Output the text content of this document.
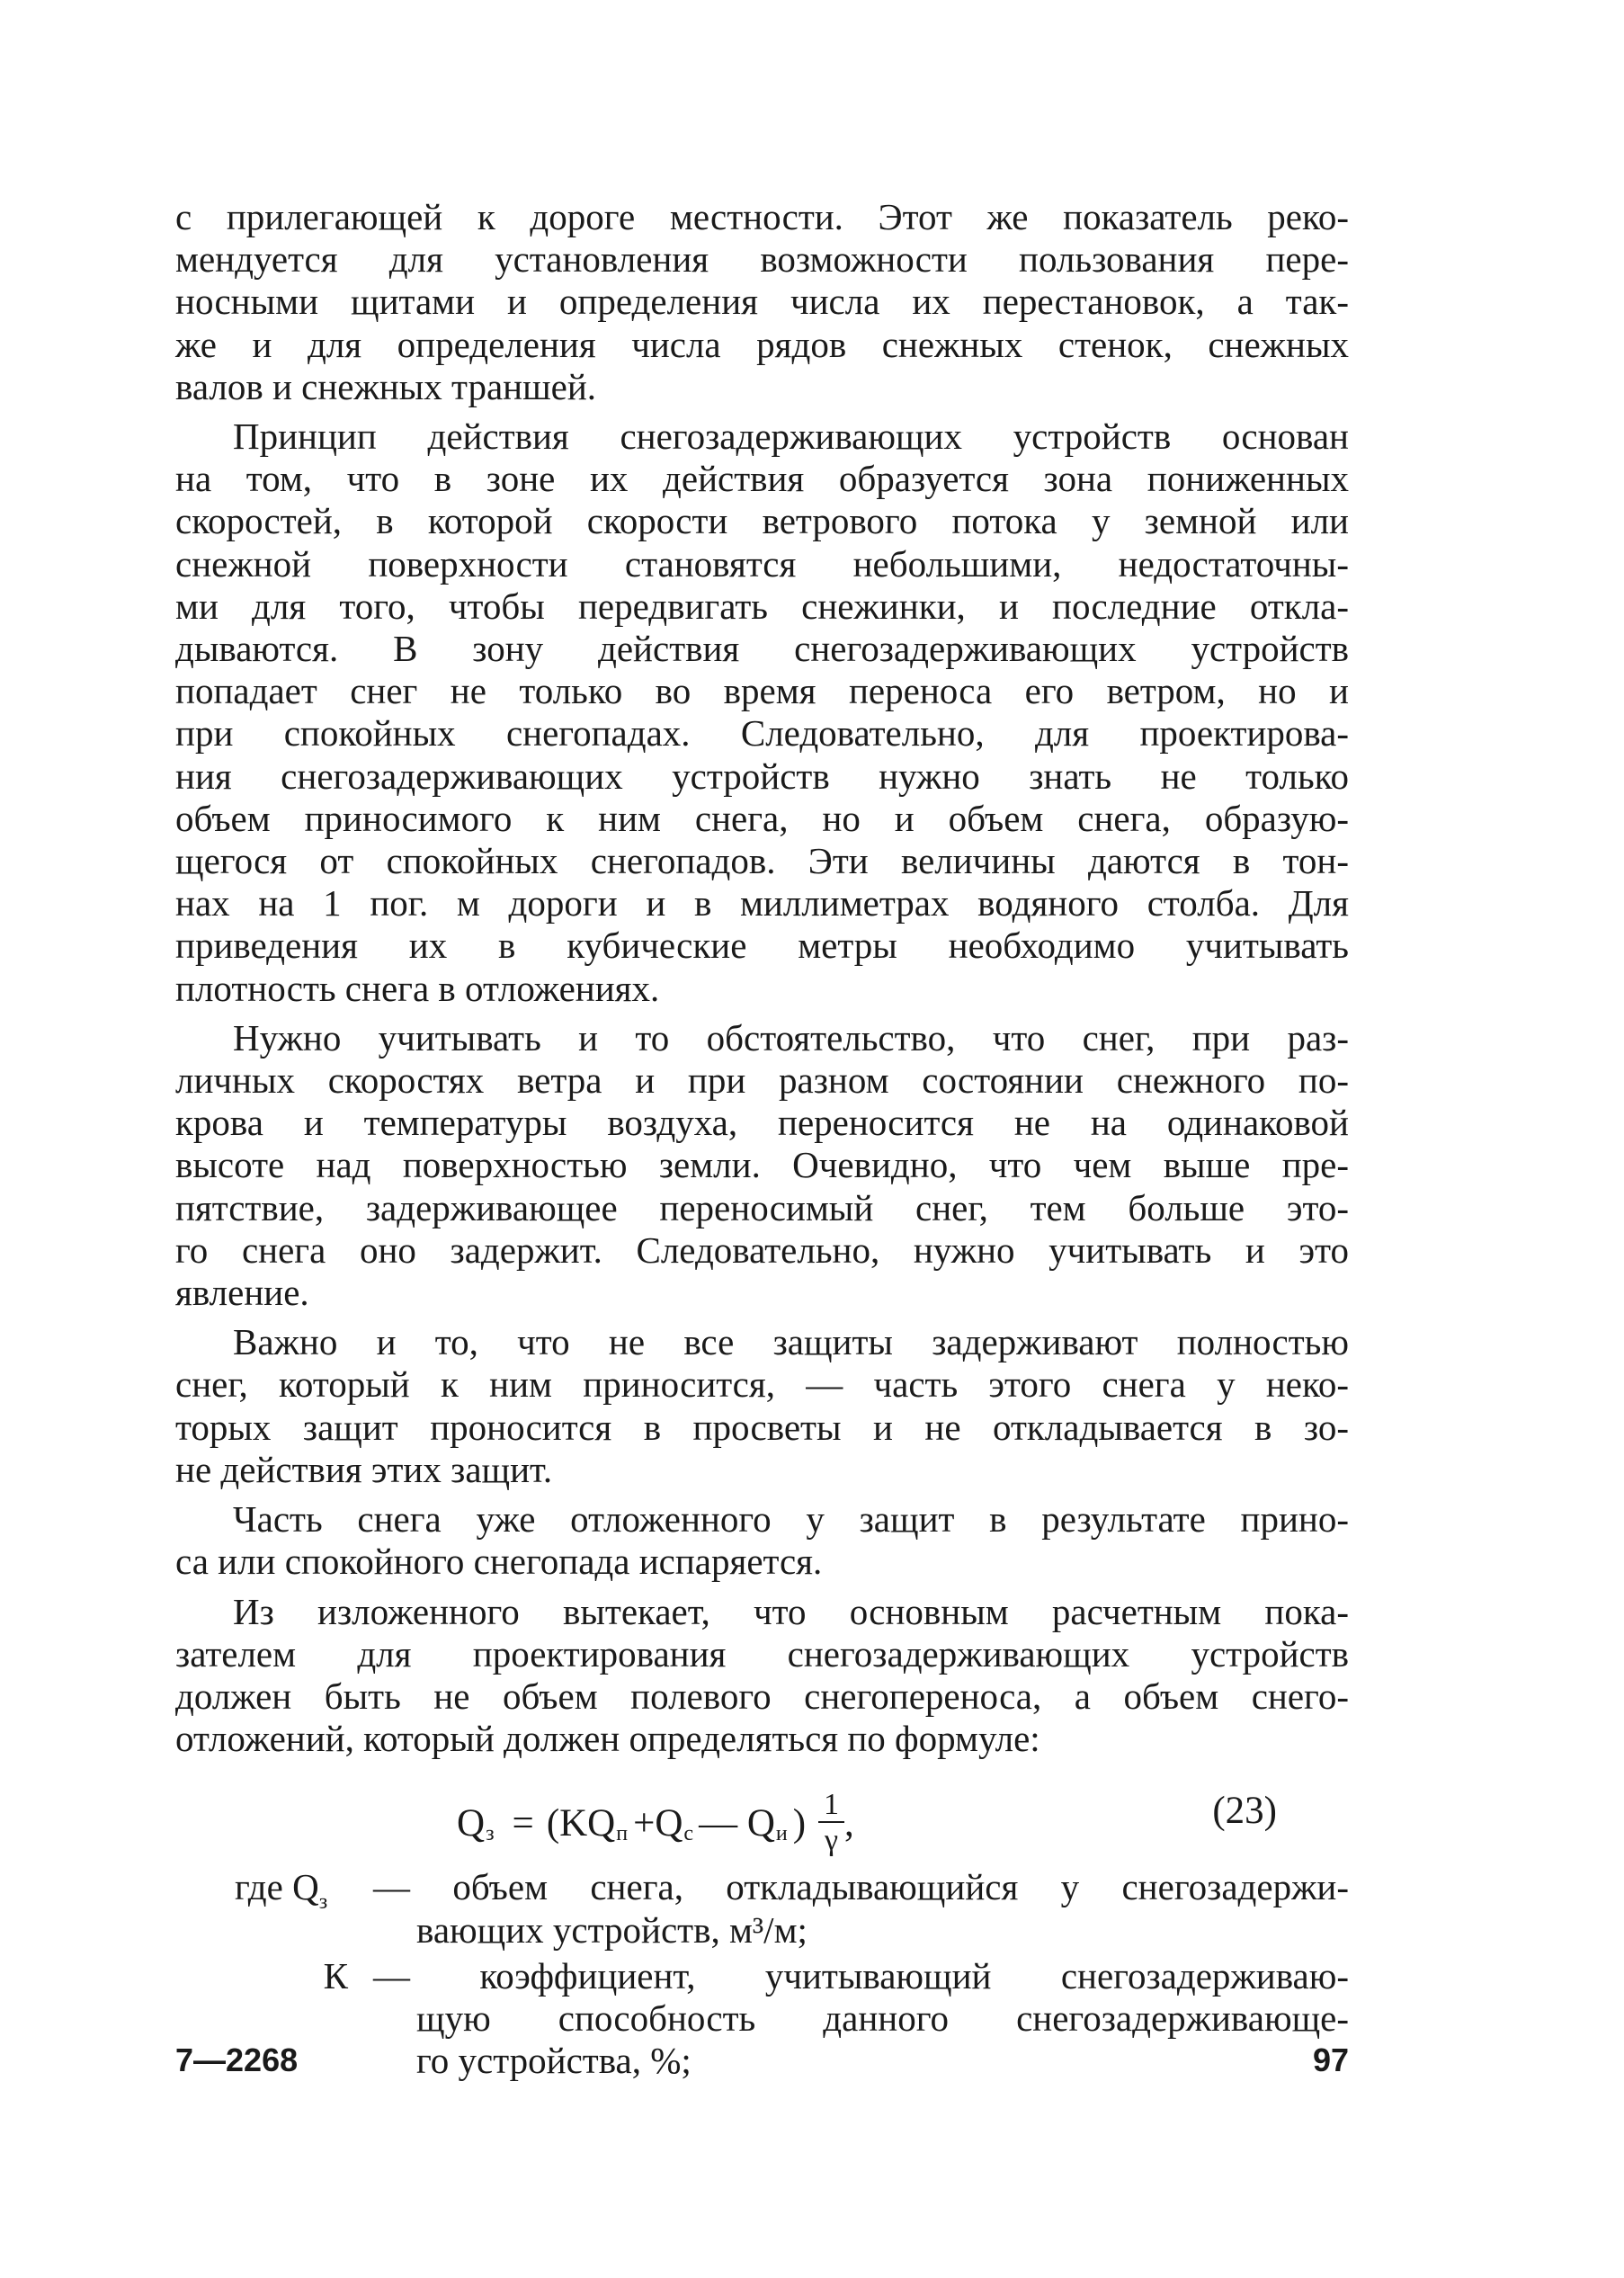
с прилегающей к дороге местности. Этот же показатель реко-
мендуется для установления возможности пользования пере-
носными щитами и определения числа их перестановок, а так-
же и для определения числа рядов снежных стенок, снежных
валов и снежных траншей.

Принцип действия снегозадерживающих устройств основан
на том, что в зоне их действия образуется зона пониженных
скоростей, в которой скорости ветрового потока у земной или
снежной поверхности становятся небольшими, недостаточны-
ми для того, чтобы передвигать снежинки, и последние откла-
дываются. В зону действия снегозадерживающих устройств
попадает снег не только во время переноса его ветром, но и
при спокойных снегопадах. Следовательно, для проектирова-
ния снегозадерживающих устройств нужно знать не только
объем приносимого к ним снега, но и объем снега, образую-
щегося от спокойных снегопадов. Эти величины даются в тон-
нах на 1 пог. м дороги и в миллиметрах водяного столба. Для
приведения их в кубические метры необходимо учитывать
плотность снега в отложениях.

Нужно учитывать и то обстоятельство, что снег, при раз-
личных скоростях ветра и при разном состоянии снежного по-
крова и температуры воздуха, переносится не на одинаковой
высоте над поверхностью земли. Очевидно, что чем выше пре-
пятствие, задерживающее переносимый снег, тем больше это-
го снега оно задержит. Следовательно, нужно учитывать и это
явление.

Важно и то, что не все защиты задерживают полностью
снег, который к ним приносится, — часть этого снега у неко-
торых защит проносится в просветы и не откладывается в зо-
не действия этих защит.

Часть снега уже отложенного у защит в результате прино-
са или спокойного снегопада испаряется.

Из изложенного вытекает, что основным расчетным пока-
зателем для проектирования снегозадерживающих устройств
должен быть не объем полевого снегопереноса, а объем снего-
отложений, который должен определяться по формуле:

Q з = (KQ п +Q с — Q и ) $\frac{1}{\gamma}$ ,	(23)
где $Q_з$	— объем снега, откладывающийся у снегозадержи-
вающих устройств, м³/м;
К — коэффициент, учитывающий снегозадерживаю-
щую способность данного снегозадерживающе-
го устройства, %;
7—2268	97
